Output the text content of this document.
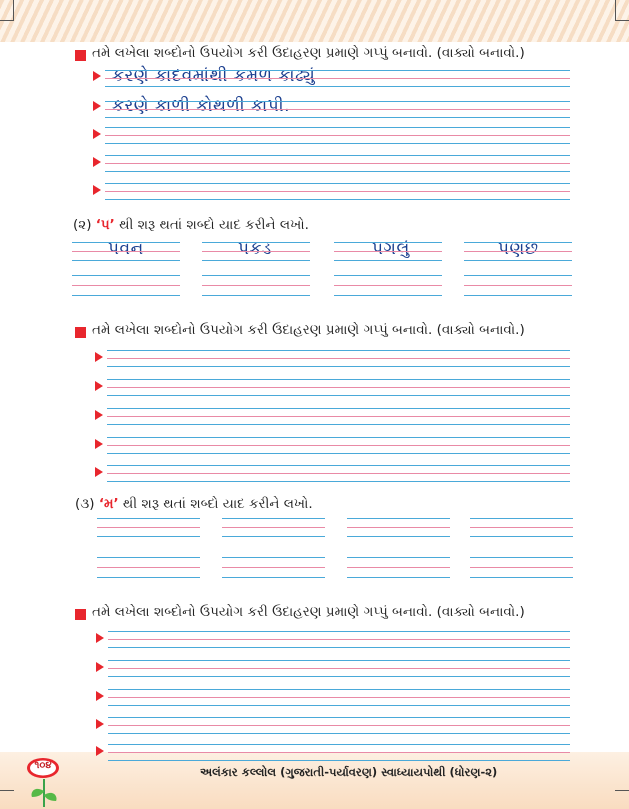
તમે લખેલા શબ્દોનો ઉપયોગ કરી ઉદાહરણ પ્રમાણે ગપ્પું બનાવો. (વાક્યો બનાવો.)
કરણે કાદવમાંથી કમળ કાઢ્યું
કરણે કાળી કોથળી કાપી.
(૨) ‘પ’ થી શરૂ થતાં શબ્દો યાદ કરીને લખો.
પવન	પકડ	પગલું	પણછ
તમે લખેલા શબ્દોનો ઉપયોગ કરી ઉદાહરણ પ્રમાણે ગપ્પું બનાવો. (વાક્યો બનાવો.)
(૩) ‘મ’ થી શરૂ થતાં શબ્દો યાદ કરીને લખો.
તમે લખેલા શબ્દોનો ઉપયોગ કરી ઉદાહરણ પ્રમાણે ગપ્પું બનાવો. (વાક્યો બનાવો.)
૧૦૪	અલંકાર કલ્લોલ (ગુજરાતી-પર્યાવરણ) સ્વાધ્યાયપોથી (ધોરણ-૨)
